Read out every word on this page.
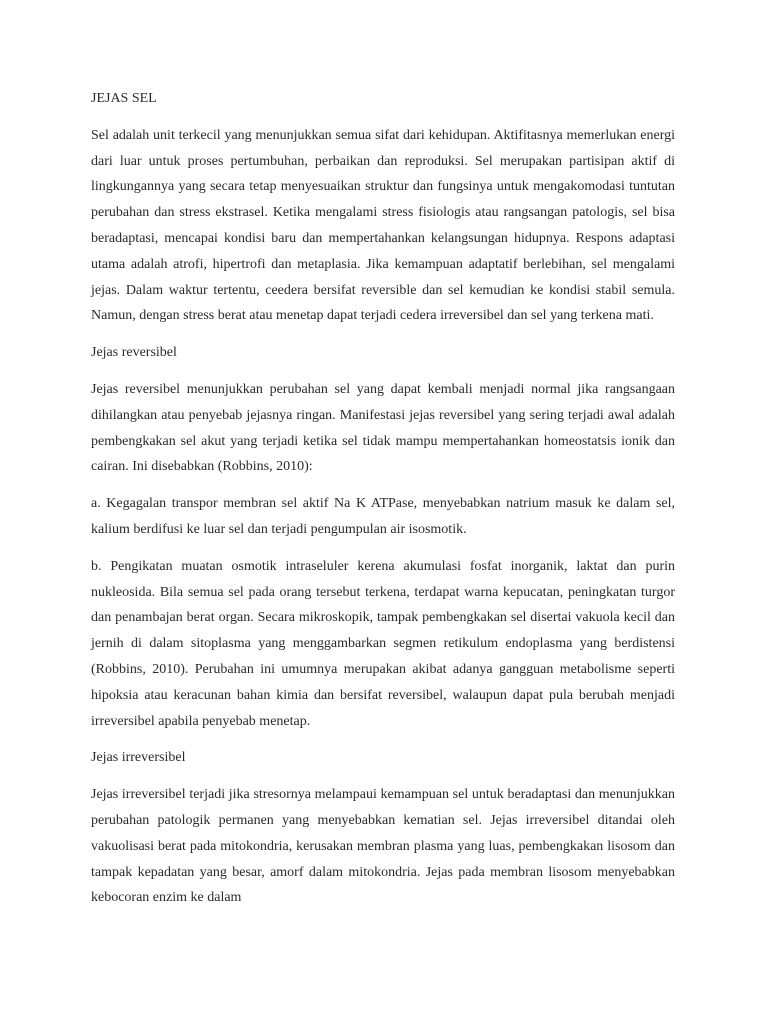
JEJAS SEL

Sel adalah unit terkecil yang menunjukkan semua sifat dari kehidupan. Aktifitasnya memerlukan energi dari luar untuk proses pertumbuhan, perbaikan dan reproduksi. Sel merupakan partisipan aktif di lingkungannya yang secara tetap menyesuaikan struktur dan fungsinya untuk mengakomodasi tuntutan perubahan dan stress ekstrasel. Ketika mengalami stress fisiologis atau rangsangan patologis, sel bisa beradaptasi, mencapai kondisi baru dan mempertahankan kelangsungan hidupnya. Respons adaptasi utama adalah atrofi, hipertrofi dan metaplasia. Jika kemampuan adaptatif berlebihan, sel mengalami jejas. Dalam waktur tertentu, ceedera bersifat reversible dan sel kemudian ke kondisi stabil semula. Namun, dengan stress berat atau menetap dapat terjadi cedera irreversibel dan sel yang terkena mati.

Jejas reversibel

Jejas reversibel menunjukkan perubahan sel yang dapat kembali menjadi normal jika rangsangaan dihilangkan atau penyebab jejasnya ringan. Manifestasi jejas reversibel yang sering terjadi awal adalah pembengkakan sel akut yang terjadi ketika sel tidak mampu mempertahankan homeostatsis ionik dan cairan. Ini disebabkan (Robbins, 2010):

a. Kegagalan transpor membran sel aktif Na K ATPase, menyebabkan natrium masuk ke dalam sel, kalium berdifusi ke luar sel dan terjadi pengumpulan air isosmotik.

b. Pengikatan muatan osmotik intraseluler kerena akumulasi fosfat inorganik, laktat dan purin nukleosida. Bila semua sel pada orang tersebut terkena, terdapat warna kepucatan, peningkatan turgor dan penambajan berat organ. Secara mikroskopik, tampak pembengkakan sel disertai vakuola kecil dan jernih di dalam sitoplasma yang menggambarkan segmen retikulum endoplasma yang berdistensi (Robbins, 2010). Perubahan ini umumnya merupakan akibat adanya gangguan metabolisme seperti hipoksia atau keracunan bahan kimia dan bersifat reversibel, walaupun dapat pula berubah menjadi irreversibel apabila penyebab menetap.

Jejas irreversibel

Jejas irreversibel terjadi jika stresornya melampaui kemampuan sel untuk beradaptasi dan menunjukkan perubahan patologik permanen yang menyebabkan kematian sel. Jejas irreversibel ditandai oleh vakuolisasi berat pada mitokondria, kerusakan membran plasma yang luas, pembengkakan lisosom dan tampak kepadatan yang besar, amorf dalam mitokondria. Jejas pada membran lisosom menyebabkan kebocoran enzim ke dalam
